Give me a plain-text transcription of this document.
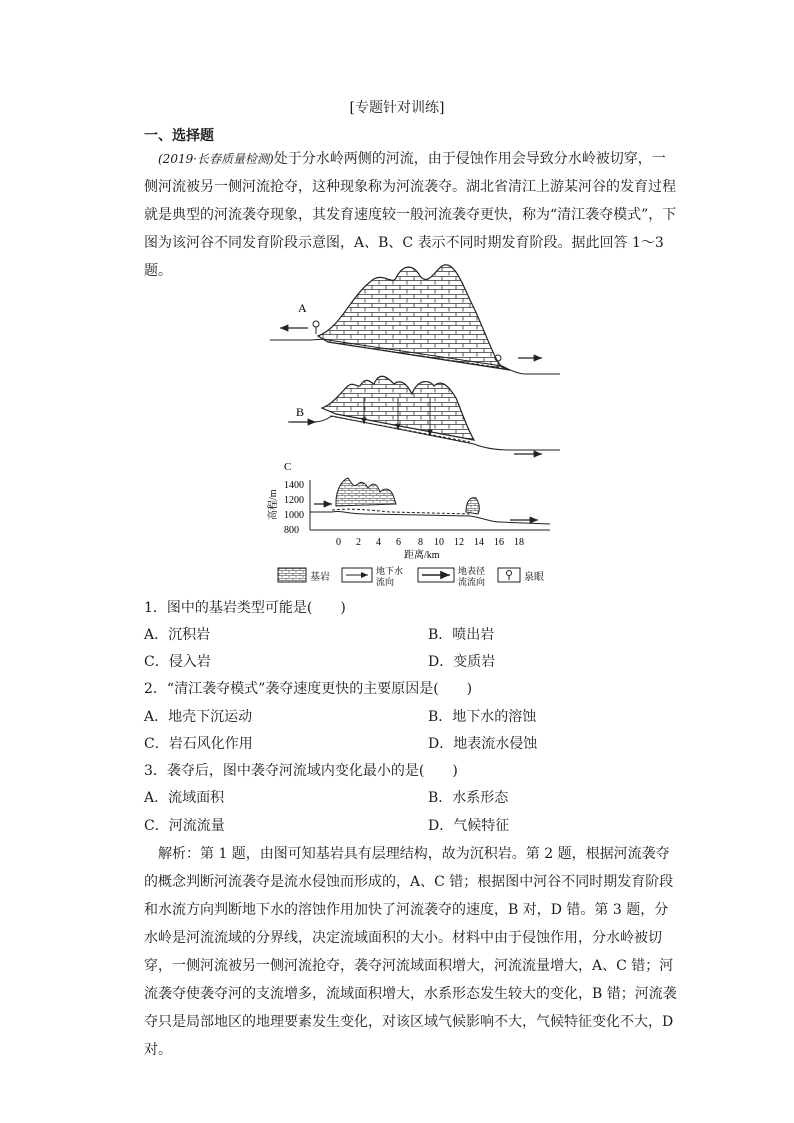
[专题针对训练]
一、选择题
(2019·长春质量检测)处于分水岭两侧的河流，由于侵蚀作用会导致分水岭被切穿，一侧河流被另一侧河流抢夺，这种现象称为河流袭夺。湖北省清江上游某河谷的发育过程就是典型的河流袭夺现象，其发育速度较一般河流袭夺更快，称为“清江袭夺模式”，下图为该河谷不同发育阶段示意图，A、B、C 表示不同时期发育阶段。据此回答 1～3题。
A
B
C
高程/m
1400
1200
1000
800
0 2 4 6 8 10 12 14 16 18
距离/km
基岩
地下水
流向
地表径
流流向	泉眼
1．图中的基岩类型可能是(　　)
A．沉积岩	B．喷出岩
C．侵入岩	D．变质岩
2．“清江袭夺模式”袭夺速度更快的主要原因是(　　)
A．地壳下沉运动	B．地下水的溶蚀
C．岩石风化作用	D．地表流水侵蚀
3．袭夺后，图中袭夺河流域内变化最小的是(　　)
A．流域面积	B．水系形态
C．河流流量	D．气候特征
解析：第 1 题，由图可知基岩具有层理结构，故为沉积岩。第 2 题，根据河流袭夺的概念判断河流袭夺是流水侵蚀而形成的，A、C 错；根据图中河谷不同时期发育阶段和水流方向判断地下水的溶蚀作用加快了河流袭夺的速度，B 对，D 错。第 3 题，分水岭是河流流域的分界线，决定流域面积的大小。材料中由于侵蚀作用，分水岭被切穿，一侧河流被另一侧河流抢夺，袭夺河流域面积增大，河流流量增大，A、C 错；河流袭夺使袭夺河的支流增多，流域面积增大，水系形态发生较大的变化，B 错；河流袭夺只是局部地区的地理要素发生变化，对该区域气候影响不大，气候特征变化不大，D 对。
